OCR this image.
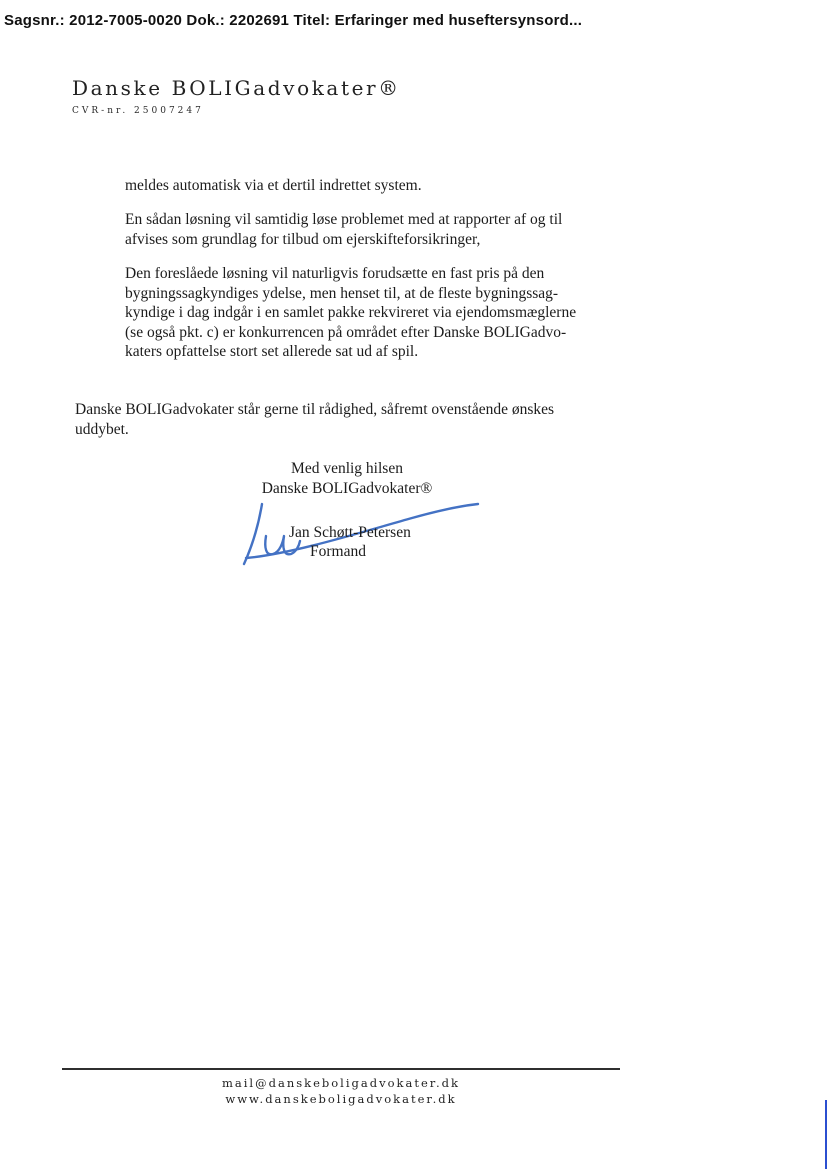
Sagsnr.: 2012-7005-0020 Dok.: 2202691 Titel: Erfaringer med huseftersynsord...
Danske BOLIGadvokater®
CVR-nr. 25007247
meldes automatisk via et dertil indrettet system.
En sådan løsning vil samtidig løse problemet med at rapporter af og til
afvises som grundlag for tilbud om ejerskifteforsikringer,
Den foreslåede løsning vil naturligvis forudsætte en fast pris på den
bygningssagkyndiges ydelse, men henset til, at de fleste bygningssag-
kyndige i dag indgår i en samlet pakke rekvireret via ejendomsmæglerne
(se også pkt. c) er konkurrencen på området efter Danske BOLIGadvo-
katers opfattelse stort set allerede sat ud af spil.
Danske BOLIGadvokater står gerne til rådighed, såfremt ovenstående ønskes
uddybet.
Med venlig hilsen
Danske BOLIGadvokater®
Jan Schøtt-Petersen
Formand
mail@danskeboligadvokater.dk
www.danskeboligadvokater.dk
